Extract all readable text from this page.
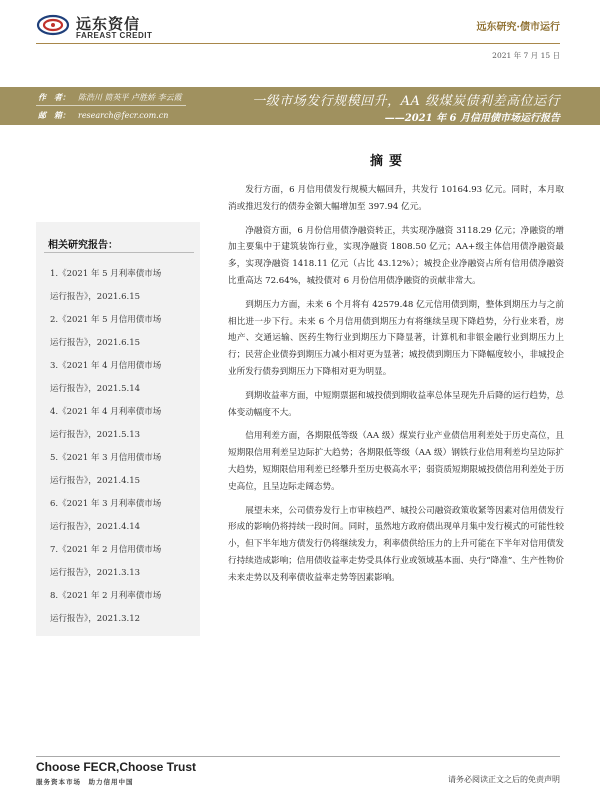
远东资信
FAREAST CREDIT
远东研究·债市运行
2021 年 7 月 15 日
作　者： 陈浩川 简英平 卢胜娇 李云霞
邮　箱： research@fecr.com.cn
一级市场发行规模回升，AA 级煤炭债利差高位运行
——2021 年 6 月信用债市场运行报告
相关研究报告：
1.《2021 年 5 月利率债市场
运行报告》，2021.6.15
2.《2021 年 5 月信用债市场
运行报告》，2021.6.15
3.《2021 年 4 月信用债市场
运行报告》，2021.5.14
4.《2021 年 4 月利率债市场
运行报告》，2021.5.13
5.《2021 年 3 月信用债市场
运行报告》，2021.4.15
6.《2021 年 3 月利率债市场
运行报告》，2021.4.14
7.《2021 年 2 月信用债市场
运行报告》，2021.3.13
8.《2021 年 2 月利率债市场
运行报告》，2021.3.12
摘要

发行方面，6 月信用债发行规模大幅回升，共发行 10164.93 亿元。同时，本月取消或推迟发行的债券金额大幅增加至 397.94 亿元。

净融资方面，6 月份信用债净融资转正，共实现净融资 3118.29 亿元；净融资的增加主要集中于建筑装饰行业，实现净融资 1808.50 亿元；AA+级主体信用债净融资最多，实现净融资 1418.11 亿元（占比 43.12%）；城投企业净融资占所有信用债净融资比重高达 72.64%，城投债对 6 月份信用债净融资的贡献非常大。

到期压力方面，未来 6 个月将有 42579.48 亿元信用债到期，整体到期压力与之前相比进一步下行。未来 6 个月信用债到期压力有将继续呈现下降趋势，分行业来看，房地产、交通运输、医药生物行业到期压力下降显著，计算机和非银金融行业到期压力上行；民营企业债券到期压力减小相对更为显著；城投债到期压力下降幅度较小，非城投企业所发行债券到期压力下降相对更为明显。

到期收益率方面，中短期票据和城投债到期收益率总体呈现先升后降的运行趋势，总体变动幅度不大。

信用利差方面，各期限低等级（AA 级）煤炭行业产业债信用利差处于历史高位，且短期限信用利差呈边际扩大趋势；各期限低等级（AA 级）钢铁行业信用利差均呈边际扩大趋势，短期限信用利差已经攀升至历史极高水平；弱资质短期限城投债信用利差处于历史高位，且呈边际走阔态势。

展望未来，公司债券发行上市审核趋严、城投公司融资政策收紧等因素对信用债发行形成的影响仍将持续一段时间。同时，虽然地方政府债出现单月集中发行模式的可能性较小，但下半年地方债发行仍将继续发力，利率债供给压力的上升可能在下半年对信用债发行持续造成影响；信用债收益率走势受具体行业或领域基本面、央行“降准”、生产性物价未来走势以及利率债收益率走势等因素影响。

Choose FECR,Choose Trust
服务资本市场　助力信用中国	请务必阅读正文之后的免责声明
